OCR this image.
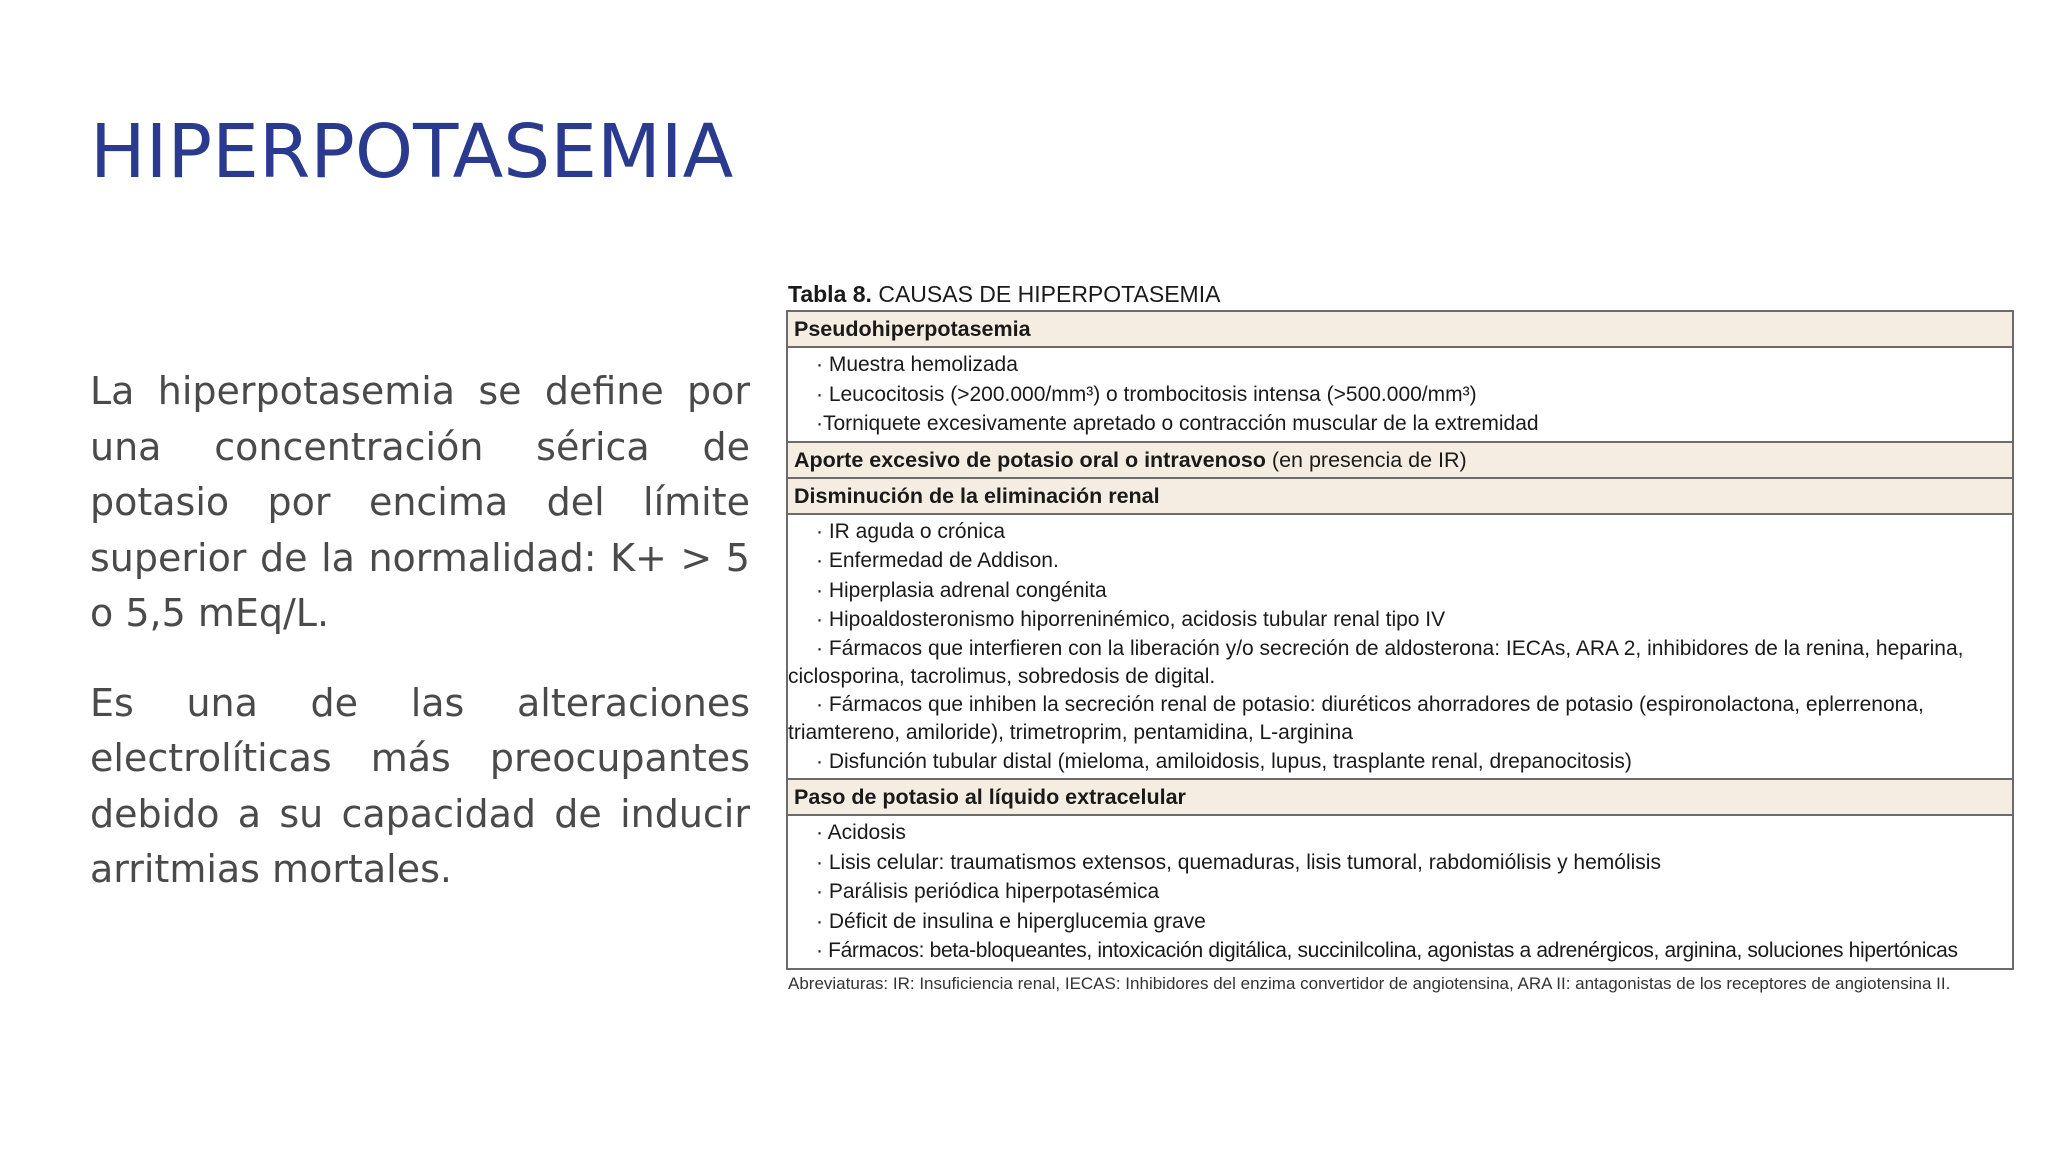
HIPERPOTASEMIA

La hiperpotasemia se define por una concentración sérica de potasio por encima del límite superior de la normalidad: K+ > 5 o 5,5 mEq/L.

Es una de las alteraciones electrolíticas más preocupantes debido a su capacidad de inducir arritmias mortales.

Tabla 8. CAUSAS DE HIPERPOTASEMIA
Pseudohiperpotasemia
· Muestra hemolizada
· Leucocitosis (>200.000/mm³) o trombocitosis intensa (>500.000/mm³)
·Torniquete excesivamente apretado o contracción muscular de la extremidad
Aporte excesivo de potasio oral o intravenoso (en presencia de IR)
Disminución de la eliminación renal
· IR aguda o crónica
· Enfermedad de Addison.
· Hiperplasia adrenal congénita
· Hipoaldosteronismo hiporreninémico, acidosis tubular renal tipo IV
· Fármacos que interfieren con la liberación y/o secreción de aldosterona: IECAs, ARA 2, inhibidores de la renina, heparina, ciclosporina, tacrolimus, sobredosis de digital.
· Fármacos que inhiben la secreción renal de potasio: diuréticos ahorradores de potasio (espironolactona, eplerrenona, triamtereno, amiloride), trimetroprim, pentamidina, L-arginina
· Disfunción tubular distal (mieloma, amiloidosis, lupus, trasplante renal, drepanocitosis)
Paso de potasio al líquido extracelular
· Acidosis
· Lisis celular: traumatismos extensos, quemaduras, lisis tumoral, rabdomiólisis y hemólisis
· Parálisis periódica hiperpotasémica
· Déficit de insulina e hiperglucemia grave
· Fármacos: beta-bloqueantes, intoxicación digitálica, succinilcolina, agonistas a adrenérgicos, arginina, soluciones hipertónicas
Abreviaturas: IR: Insuficiencia renal, IECAS: Inhibidores del enzima convertidor de angiotensina, ARA II: antagonistas de los receptores de angiotensina II.
